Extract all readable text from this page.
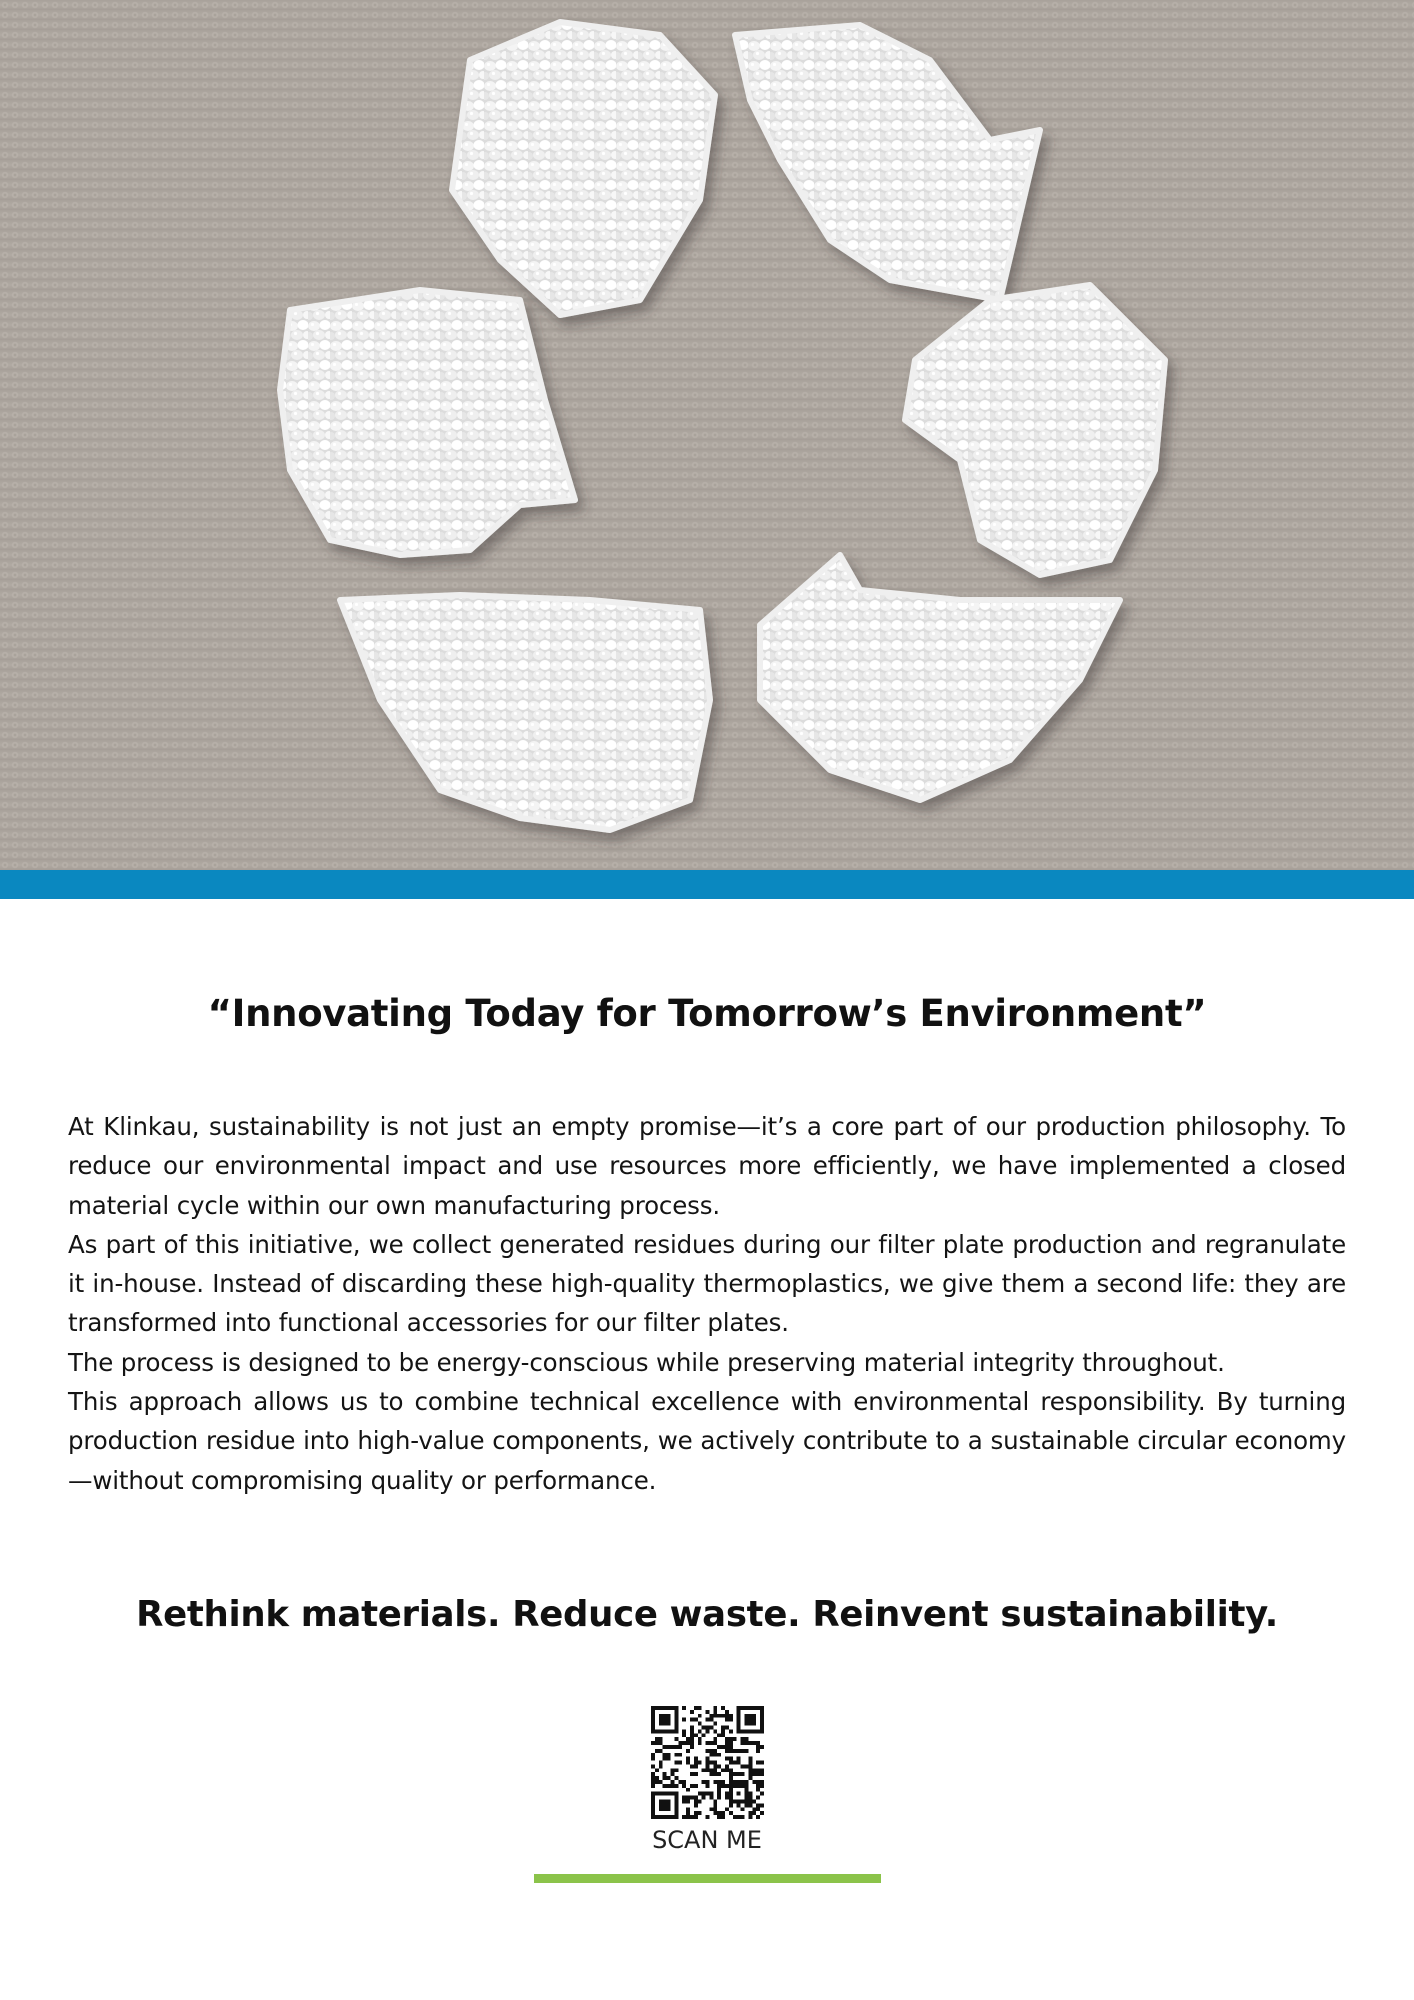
“Innovating Today for Tomorrow’s Environment”

At Klinkau, sustainability is not just an empty promise—it’s a core part of our production philosophy. To reduce our environmental impact and use resources more efficiently, we have implemented a closed material cycle within our own manufacturing process.

As part of this initiative, we collect generated residues during our filter plate production and regranulate it in-house. Instead of discarding these high-quality thermoplastics, we give them a second life: they are transformed into functional accessories for our filter plates.

The process is designed to be energy-conscious while preserving material integrity throughout.

This approach allows us to combine technical excellence with environmental responsibility. By turning production residue into high-value components, we actively contribute to a sustainable circular economy—without compromising quality or performance.

Rethink materials. Reduce waste. Reinvent sustainability.
SCAN ME
